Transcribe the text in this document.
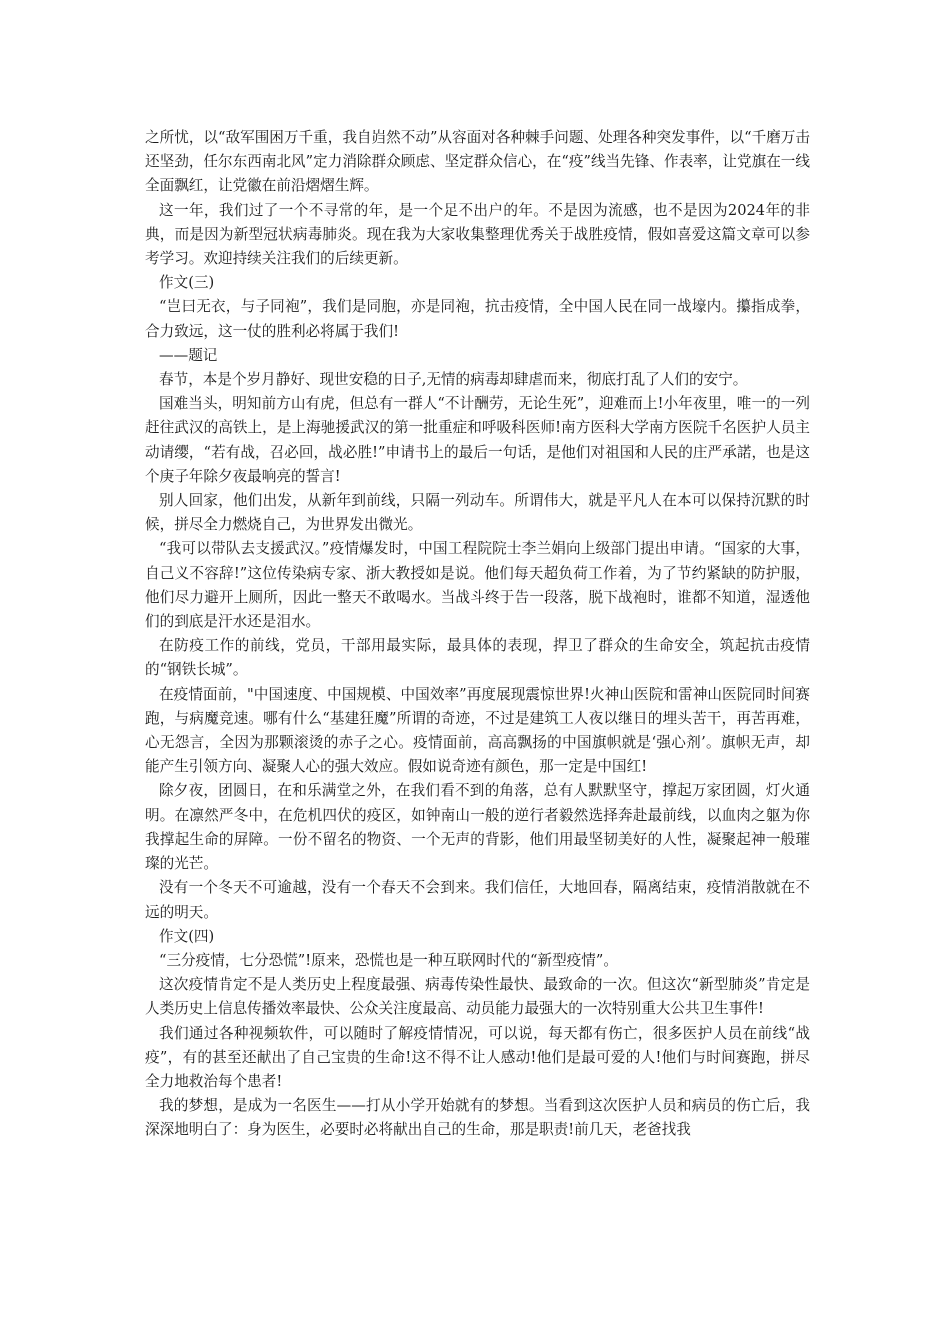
之所忧，以“敌军围困万千重，我自岿然不动”从容面对各种棘手问题、处理各种突发事件，以“千磨万击还坚劲，任尔东西南北风”定力消除群众顾虑、坚定群众信心，在“疫”线当先锋、作表率，让党旗在一线全面飘红，让党徽在前沿熠熠生辉。

这一年，我们过了一个不寻常的年，是一个足不出户的年。不是因为流感，也不是因为2024年的非典，而是因为新型冠状病毒肺炎。现在我为大家收集整理优秀关于战胜疫情，假如喜爱这篇文章可以参考学习。欢迎持续关注我们的后续更新。

作文(三)

“岂曰无衣，与子同袍”，我们是同胞，亦是同袍，抗击疫情，全中国人民在同一战壕内。攥指成拳，合力致远，这一仗的胜利必将属于我们!

——题记

春节，本是个岁月静好、现世安稳的日子,无情的病毒却肆虐而来，彻底打乱了人们的安宁。

国难当头，明知前方山有虎，但总有一群人“不计酬劳，无论生死”，迎难而上!小年夜里，唯一的一列赶往武汉的高铁上，是上海驰援武汉的第一批重症和呼吸科医师!南方医科大学南方医院千名医护人员主动请缨，“若有战，召必回，战必胜!”申请书上的最后一句话，是他们对祖国和人民的庄严承諾，也是这个庚子年除夕夜最响亮的誓言!

别人回家，他们出发，从新年到前线，只隔一列动车。所谓伟大，就是平凡人在本可以保持沉默的时候，拼尽全力燃烧自己，为世界发出微光。

“我可以带队去支援武汉。”疫情爆发时，中国工程院院士李兰娟向上级部门提出申请。“国家的大事，自己义不容辞!”这位传染病专家、浙大教授如是说。他们每天超负荷工作着，为了节约紧缺的防护服，他们尽力避开上厕所，因此一整天不敢喝水。当战斗终于告一段落，脱下战袍时，谁都不知道，湿透他们的到底是汗水还是泪水。

在防疫工作的前线，党员，干部用最实际，最具体的表现，捍卫了群众的生命安全，筑起抗击疫情的“钢铁长城”。

在疫情面前，"中国速度、中国规模、中国效率”再度展现震惊世界!火神山医院和雷神山医院同时间赛跑，与病魔竞速。哪有什么“基建狂魔”所谓的奇迹，不过是建筑工人夜以继日的埋头苦干，再苦再难，心无怨言，全因为那颗滚烫的赤子之心。疫情面前，高高飘扬的中国旗帜就是‘强心剂’。旗帜无声，却能产生引领方向、凝聚人心的强大效应。假如说奇迹有颜色，那一定是中国红!

除夕夜，团圆日，在和乐满堂之外，在我们看不到的角落，总有人默默坚守，撑起万家团圆，灯火通明。在凛然严冬中，在危机四伏的疫区，如钟南山一般的逆行者毅然选择奔赴最前线，以血肉之躯为你我撑起生命的屏障。一份不留名的物资、一个无声的背影，他们用最坚韧美好的人性，凝聚起神一般璀璨的光芒。

没有一个冬天不可逾越，没有一个春天不会到来。我们信任，大地回春，隔离结束，疫情消散就在不远的明天。

作文(四)

“三分疫情，七分恐慌”!原来，恐慌也是一种互联网时代的“新型疫情”。

这次疫情肯定不是人类历史上程度最强、病毒传染性最快、最致命的一次。但这次“新型肺炎”肯定是人类历史上信息传播效率最快、公众关注度最高、动员能力最强大的一次特别重大公共卫生事件!

我们通过各种视频软件，可以随时了解疫情情况，可以说，每天都有伤亡，很多医护人员在前线“战疫”，有的甚至还献出了自己宝贵的生命!这不得不让人感动!他们是最可爱的人!他们与时间赛跑，拼尽全力地救治每个患者!

我的梦想，是成为一名医生——打从小学开始就有的梦想。当看到这次医护人员和病员的伤亡后，我深深地明白了：身为医生，必要时必将献出自己的生命，那是职责!前几天，老爸找我
